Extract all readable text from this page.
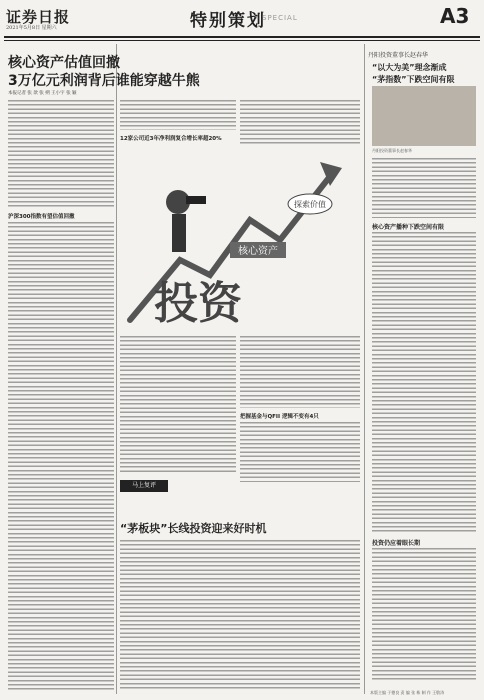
证券日报
2021年5月8日 星期六	特别策划
SPECIAL	A3
核心资产估值回撤
3万亿元利润背后谁能穿越牛熊
本报记者 张 歆 张 朔 王小宇 张 颖
沪深300指数有望估值回撤
12家公司近3年净利润复合增长率超20%
核心资产
探索价值
投资
把握基金与QFII 逻辑不变有4只
马上复评
“茅板块”长线投资迎来好时机
丹阳投资董事长赵春华
“以大为美”理念渐成
“茅指数”下跌空间有限
丹阳投资董事长赵春华
核心资产播种下跌空间有限
投资仍应着眼长期
本版主编 于德良 责 编 张 栋 制 作 王敬涛
